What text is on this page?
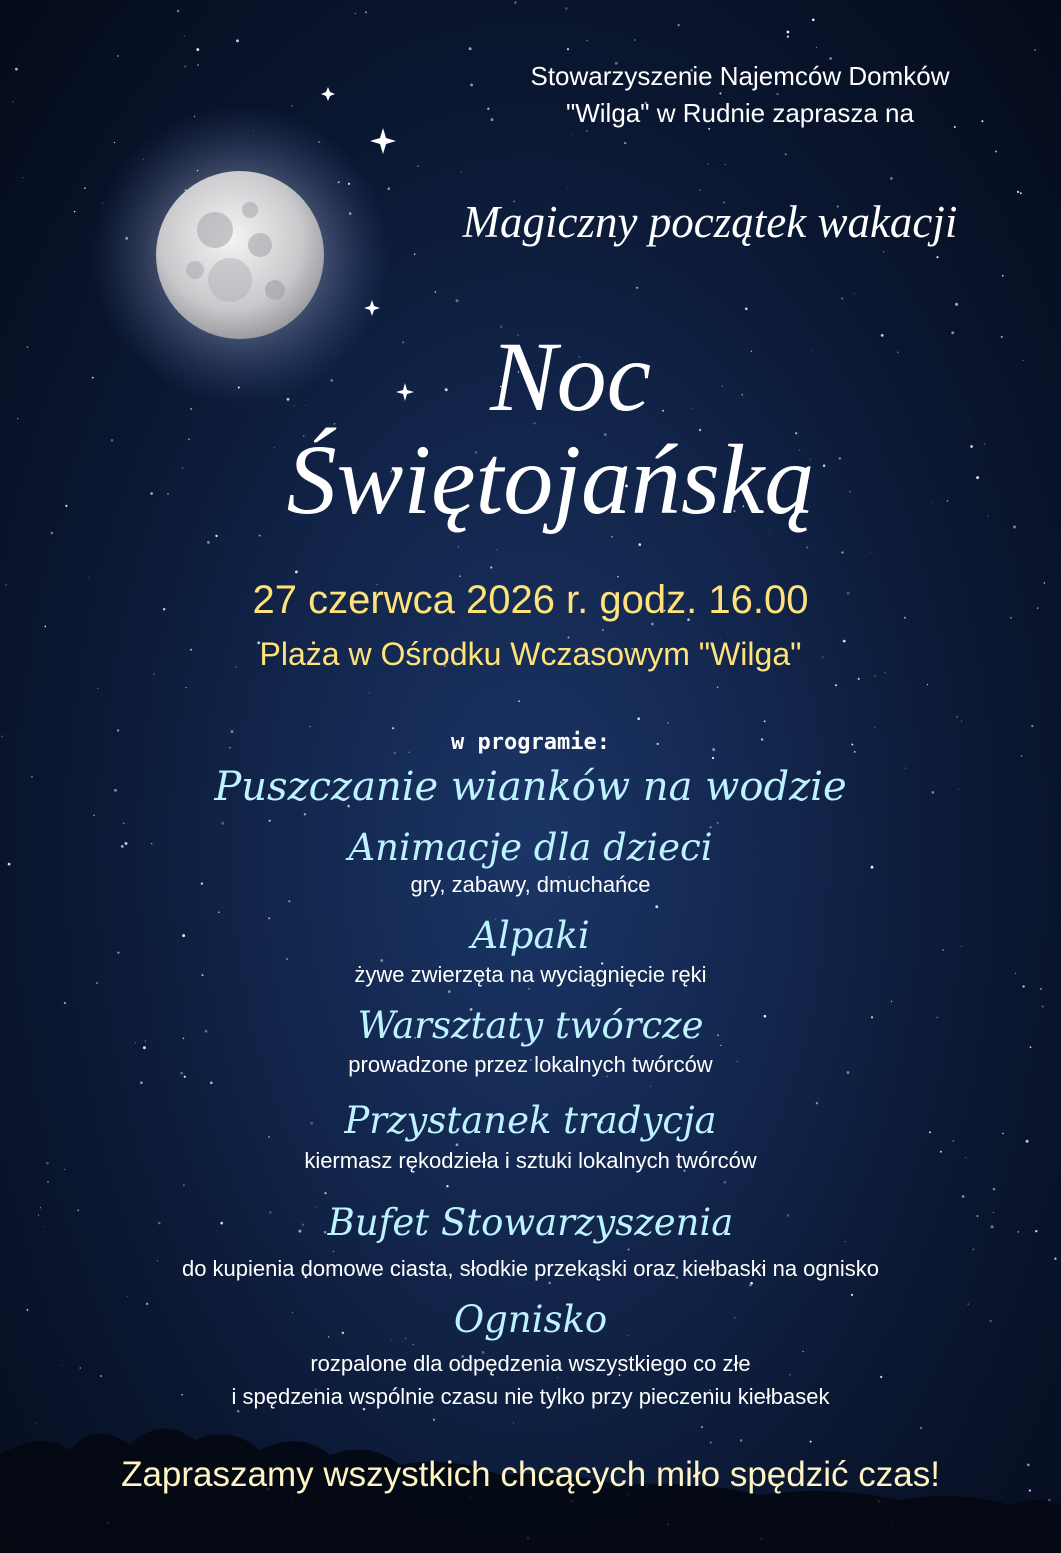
Stowarzyszenie Najemców Domków
"Wilga" w Rudnie zaprasza na

Magiczny początek wakacji

Noc

Świętojańską

27 czerwca 2026 r. godz. 16.00

Plaża w Ośrodku Wczasowym "Wilga"

w programie:

Puszczanie wianków na wodzie

Animacje dla dzieci

gry, zabawy, dmuchańce

Alpaki

żywe zwierzęta na wyciągnięcie ręki

Warsztaty twórcze

prowadzone przez lokalnych twórców

Przystanek tradycja

kiermasz rękodzieła i sztuki lokalnych twórców

Bufet Stowarzyszenia

do kupienia domowe ciasta, słodkie przekąski oraz kiełbaski na ognisko

Ognisko

rozpalone dla odpędzenia wszystkiego co złe

i spędzenia wspólnie czasu nie tylko przy pieczeniu kiełbasek

Zapraszamy wszystkich chcących miło spędzić czas!
